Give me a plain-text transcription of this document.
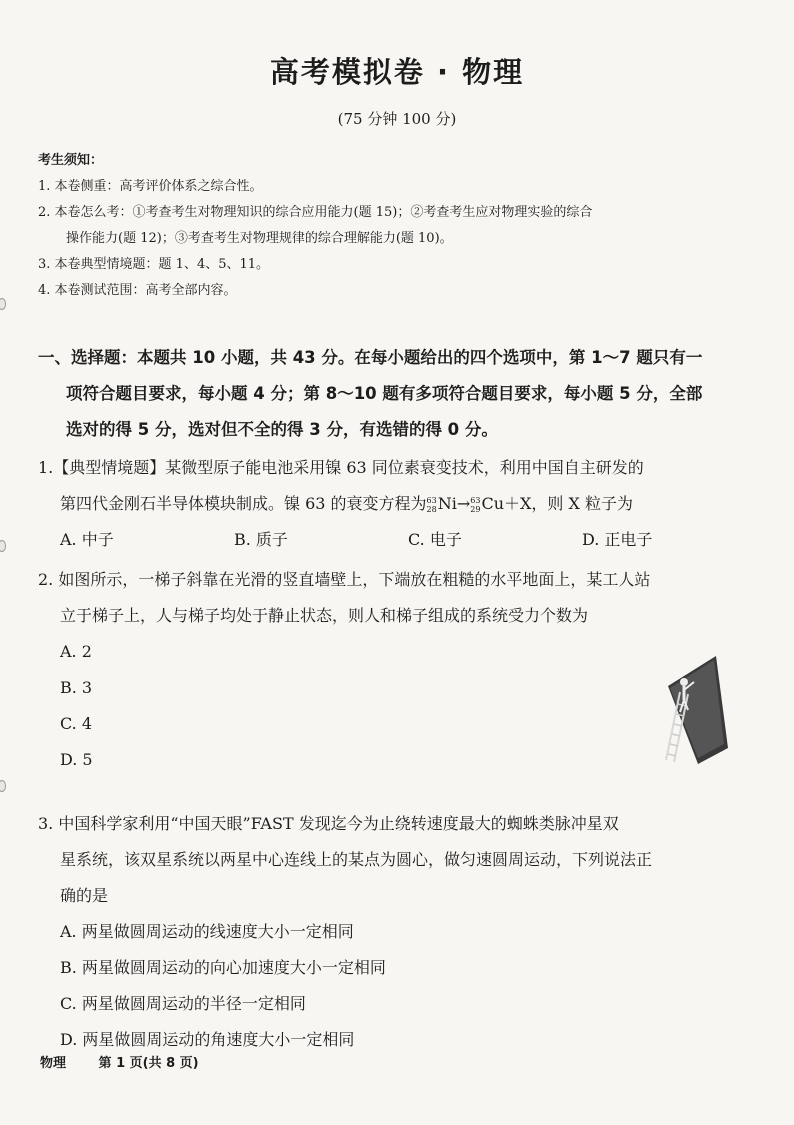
高考模拟卷 · 物理
(75 分钟 100 分)
考生须知：
1. 本卷侧重：高考评价体系之综合性。
2. 本卷怎么考：①考查考生对物理知识的综合应用能力(题 15)；②考查考生应对物理实验的综合
操作能力(题 12)；③考查考生对物理规律的综合理解能力(题 10)。
3. 本卷典型情境题：题 1、4、5、11。
4. 本卷测试范围：高考全部内容。
一、选择题：本题共 10 小题，共 43 分。在每小题给出的四个选项中，第 1～7 题只有一
项符合题目要求，每小题 4 分；第 8～10 题有多项符合题目要求，每小题 5 分，全部
选对的得 5 分，选对但不全的得 3 分，有选错的得 0 分。
1.【典型情境题】某微型原子能电池采用镍 63 同位素衰变技术，利用中国自主研发的
第四代金刚石半导体模块制成。镍 63 的衰变方程为63
28Ni→63
29Cu＋X，则 X 粒子为
A. 中子	B. 质子	C. 电子	D. 正电子
2. 如图所示，一梯子斜靠在光滑的竖直墙壁上，下端放在粗糙的水平地面上，某工人站
立于梯子上，人与梯子均处于静止状态，则人和梯子组成的系统受力个数为
A. 2
B. 3
C. 4
D. 5
3. 中国科学家利用“中国天眼”FAST 发现迄今为止绕转速度最大的蜘蛛类脉冲星双
星系统，该双星系统以两星中心连线上的某点为圆心，做匀速圆周运动，下列说法正
确的是
A. 两星做圆周运动的线速度大小一定相同
B. 两星做圆周运动的向心加速度大小一定相同
C. 两星做圆周运动的半径一定相同
D. 两星做圆周运动的角速度大小一定相同
物理	第 1 页(共 8 页)
